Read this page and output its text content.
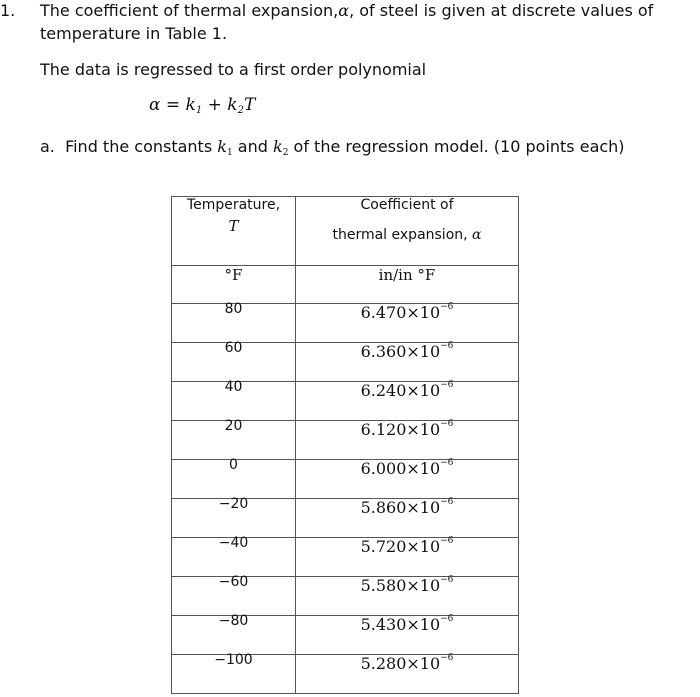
1. The coefficient of thermal expansion,α, of steel is given at discrete values of
temperature in Table 1.
The data is regressed to a first order polynomial
$\alpha = k_1 + k_2T$
a. Find the constants $k_1$ and $k_2$ of the regression model. (10 points each)
Temperature,
T	Coefficient of
thermal expansion, α

°F	in/in °F
80	$6.470\times 10^{-6}$
60	$6.360\times 10^{-6}$
40	$6.240\times 10^{-6}$
20	$6.120\times 10^{-6}$
0	$6.000\times 10^{-6}$
−20	$5.860\times 10^{-6}$
−40	$5.720\times 10^{-6}$
−60	$5.580\times 10^{-6}$
−80	$5.430\times 10^{-6}$
−100	$5.280\times 10^{-6}$
